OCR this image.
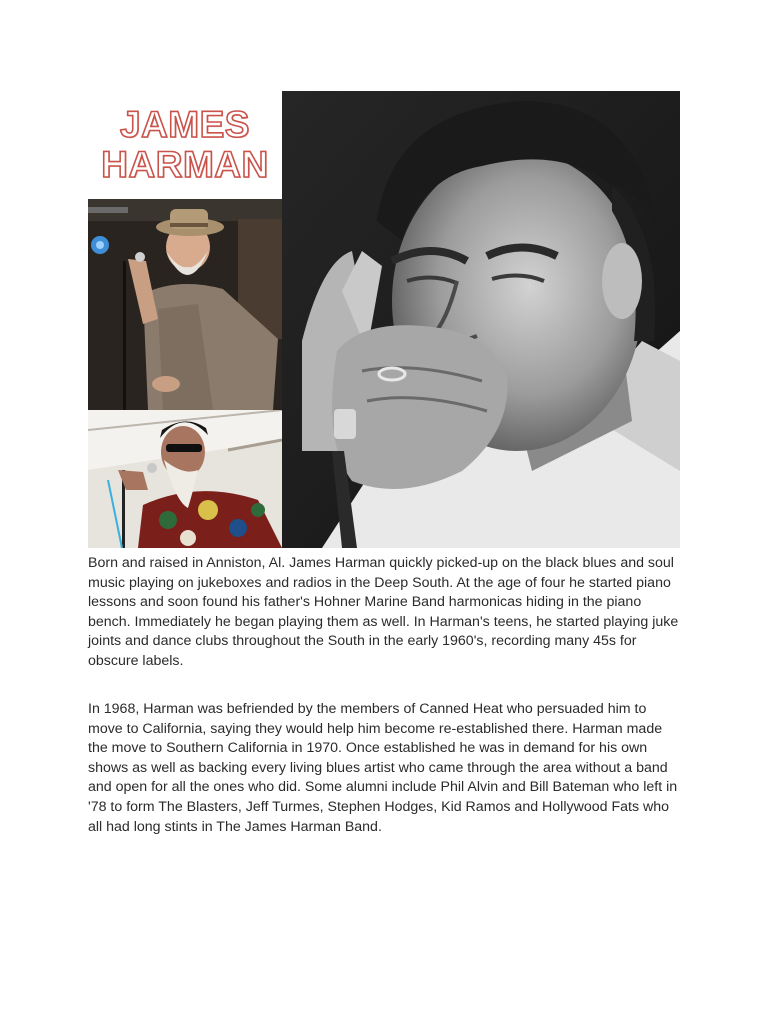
JAMES
HARMAN

Born and raised in Anniston, Al. James Harman quickly picked-up on the black blues and soul music playing on jukeboxes and radios in the Deep South. At the age of four he started piano lessons and soon found his father's Hohner Marine Band harmonicas hiding in the piano bench. Immediately he began playing them as well. In Harman's teens, he started playing juke joints and dance clubs throughout the South in the early 1960's, recording many 45s for obscure labels.

In 1968, Harman was befriended by the members of Canned Heat who persuaded him to move to California, saying they would help him become re-established there. Harman made the move to Southern California in 1970. Once established he was in demand for his own shows as well as backing every living blues artist who came through the area without a band and open for all the ones who did. Some alumni include Phil Alvin and Bill Bateman who left in '78 to form The Blasters, Jeff Turmes, Stephen Hodges, Kid Ramos and Hollywood Fats who all had long stints in The James Harman Band.
